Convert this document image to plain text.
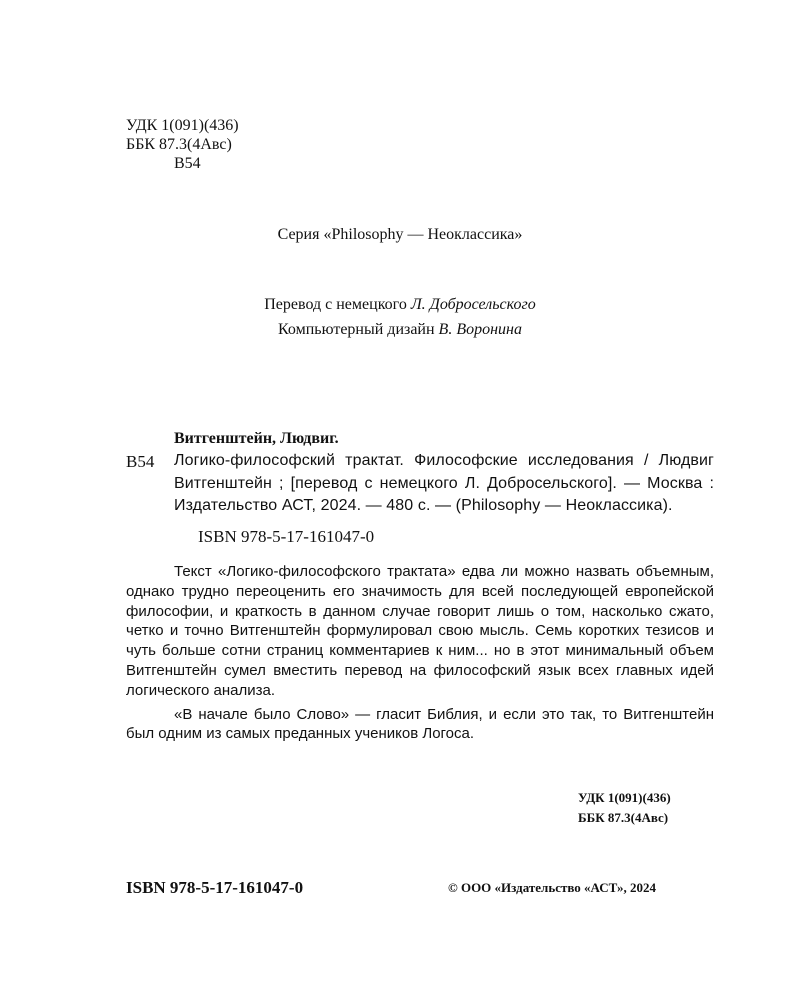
УДК 1(091)(436)
ББК 87.3(4Авс)
В54
Серия «Philosophy — Неоклассика»
Перевод с немецкого Л. Добросельского
Компьютерный дизайн В. Воронина
Витгенштейн, Людвиг.
В54 Логико-философский трактат. Философские исследования / Людвиг Витгенштейн ; [перевод с немецкого Л. Добросельского]. — Москва : Издательство АСТ, 2024. — 480 с. — (Philosophy — Неоклассика).
ISBN 978-5-17-161047-0

Текст «Логико-философского трактата» едва ли можно назвать объемным, однако трудно переоценить его значимость для всей последующей европейской философии, и краткость в данном случае говорит лишь о том, насколько сжато, четко и точно Витгенштейн формулировал свою мысль. Семь коротких тезисов и чуть больше сотни страниц комментариев к ним... но в этот минимальный объем Витгенштейн сумел вместить перевод на философский язык всех главных идей логического анализа.

«В начале было Слово» — гласит Библия, и если это так, то Витгенштейн был одним из самых преданных учеников Логоса.

УДК 1(091)(436)
ББК 87.3(4Авс)
ISBN 978-5-17-161047-0	© ООО «Издательство «АСТ», 2024
